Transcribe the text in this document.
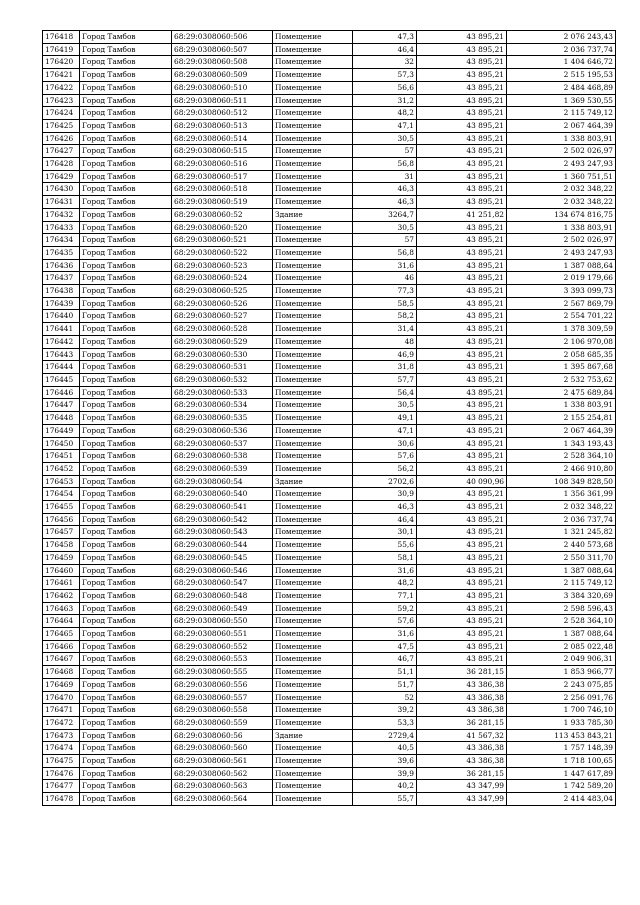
176418	Город Тамбов	68:29:0308060:506	Помещение	47,3	43 895,21	2 076 243,43
176419	Город Тамбов	68:29:0308060:507	Помещение	46,4	43 895,21	2 036 737,74
176420	Город Тамбов	68:29:0308060:508	Помещение	32	43 895,21	1 404 646,72
176421	Город Тамбов	68:29:0308060:509	Помещение	57,3	43 895,21	2 515 195,53
176422	Город Тамбов	68:29:0308060:510	Помещение	56,6	43 895,21	2 484 468,89
176423	Город Тамбов	68:29:0308060:511	Помещение	31,2	43 895,21	1 369 530,55
176424	Город Тамбов	68:29:0308060:512	Помещение	48,2	43 895,21	2 115 749,12
176425	Город Тамбов	68:29:0308060:513	Помещение	47,1	43 895,21	2 067 464,39
176426	Город Тамбов	68:29:0308060:514	Помещение	30,5	43 895,21	1 338 803,91
176427	Город Тамбов	68:29:0308060:515	Помещение	57	43 895,21	2 502 026,97
176428	Город Тамбов	68:29:0308060:516	Помещение	56,8	43 895,21	2 493 247,93
176429	Город Тамбов	68:29:0308060:517	Помещение	31	43 895,21	1 360 751,51
176430	Город Тамбов	68:29:0308060:518	Помещение	46,3	43 895,21	2 032 348,22
176431	Город Тамбов	68:29:0308060:519	Помещение	46,3	43 895,21	2 032 348,22
176432	Город Тамбов	68:29:0308060:52	Здание	3264,7	41 251,82	134 674 816,75
176433	Город Тамбов	68:29:0308060:520	Помещение	30,5	43 895,21	1 338 803,91
176434	Город Тамбов	68:29:0308060:521	Помещение	57	43 895,21	2 502 026,97
176435	Город Тамбов	68:29:0308060:522	Помещение	56,8	43 895,21	2 493 247,93
176436	Город Тамбов	68:29:0308060:523	Помещение	31,6	43 895,21	1 387 088,64
176437	Город Тамбов	68:29:0308060:524	Помещение	46	43 895,21	2 019 179,66
176438	Город Тамбов	68:29:0308060:525	Помещение	77,3	43 895,21	3 393 099,73
176439	Город Тамбов	68:29:0308060:526	Помещение	58,5	43 895,21	2 567 869,79
176440	Город Тамбов	68:29:0308060:527	Помещение	58,2	43 895,21	2 554 701,22
176441	Город Тамбов	68:29:0308060:528	Помещение	31,4	43 895,21	1 378 309,59
176442	Город Тамбов	68:29:0308060:529	Помещение	48	43 895,21	2 106 970,08
176443	Город Тамбов	68:29:0308060:530	Помещение	46,9	43 895,21	2 058 685,35
176444	Город Тамбов	68:29:0308060:531	Помещение	31,8	43 895,21	1 395 867,68
176445	Город Тамбов	68:29:0308060:532	Помещение	57,7	43 895,21	2 532 753,62
176446	Город Тамбов	68:29:0308060:533	Помещение	56,4	43 895,21	2 475 689,84
176447	Город Тамбов	68:29:0308060:534	Помещение	30,5	43 895,21	1 338 803,91
176448	Город Тамбов	68:29:0308060:535	Помещение	49,1	43 895,21	2 155 254,81
176449	Город Тамбов	68:29:0308060:536	Помещение	47,1	43 895,21	2 067 464,39
176450	Город Тамбов	68:29:0308060:537	Помещение	30,6	43 895,21	1 343 193,43
176451	Город Тамбов	68:29:0308060:538	Помещение	57,6	43 895,21	2 528 364,10
176452	Город Тамбов	68:29:0308060:539	Помещение	56,2	43 895,21	2 466 910,80
176453	Город Тамбов	68:29:0308060:54	Здание	2702,6	40 090,96	108 349 828,50
176454	Город Тамбов	68:29:0308060:540	Помещение	30,9	43 895,21	1 356 361,99
176455	Город Тамбов	68:29:0308060:541	Помещение	46,3	43 895,21	2 032 348,22
176456	Город Тамбов	68:29:0308060:542	Помещение	46,4	43 895,21	2 036 737,74
176457	Город Тамбов	68:29:0308060:543	Помещение	30,1	43 895,21	1 321 245,82
176458	Город Тамбов	68:29:0308060:544	Помещение	55,6	43 895,21	2 440 573,68
176459	Город Тамбов	68:29:0308060:545	Помещение	58,1	43 895,21	2 550 311,70
176460	Город Тамбов	68:29:0308060:546	Помещение	31,6	43 895,21	1 387 088,64
176461	Город Тамбов	68:29:0308060:547	Помещение	48,2	43 895,21	2 115 749,12
176462	Город Тамбов	68:29:0308060:548	Помещение	77,1	43 895,21	3 384 320,69
176463	Город Тамбов	68:29:0308060:549	Помещение	59,2	43 895,21	2 598 596,43
176464	Город Тамбов	68:29:0308060:550	Помещение	57,6	43 895,21	2 528 364,10
176465	Город Тамбов	68:29:0308060:551	Помещение	31,6	43 895,21	1 387 088,64
176466	Город Тамбов	68:29:0308060:552	Помещение	47,5	43 895,21	2 085 022,48
176467	Город Тамбов	68:29:0308060:553	Помещение	46,7	43 895,21	2 049 906,31
176468	Город Тамбов	68:29:0308060:555	Помещение	51,1	36 281,15	1 853 966,77
176469	Город Тамбов	68:29:0308060:556	Помещение	51,7	43 386,38	2 243 075,85
176470	Город Тамбов	68:29:0308060:557	Помещение	52	43 386,38	2 256 091,76
176471	Город Тамбов	68:29:0308060:558	Помещение	39,2	43 386,38	1 700 746,10
176472	Город Тамбов	68:29:0308060:559	Помещение	53,3	36 281,15	1 933 785,30
176473	Город Тамбов	68:29:0308060:56	Здание	2729,4	41 567,32	113 453 843,21
176474	Город Тамбов	68:29:0308060:560	Помещение	40,5	43 386,38	1 757 148,39
176475	Город Тамбов	68:29:0308060:561	Помещение	39,6	43 386,38	1 718 100,65
176476	Город Тамбов	68:29:0308060:562	Помещение	39,9	36 281,15	1 447 617,89
176477	Город Тамбов	68:29:0308060:563	Помещение	40,2	43 347,99	1 742 589,20
176478	Город Тамбов	68:29:0308060:564	Помещение	55,7	43 347,99	2 414 483,04
